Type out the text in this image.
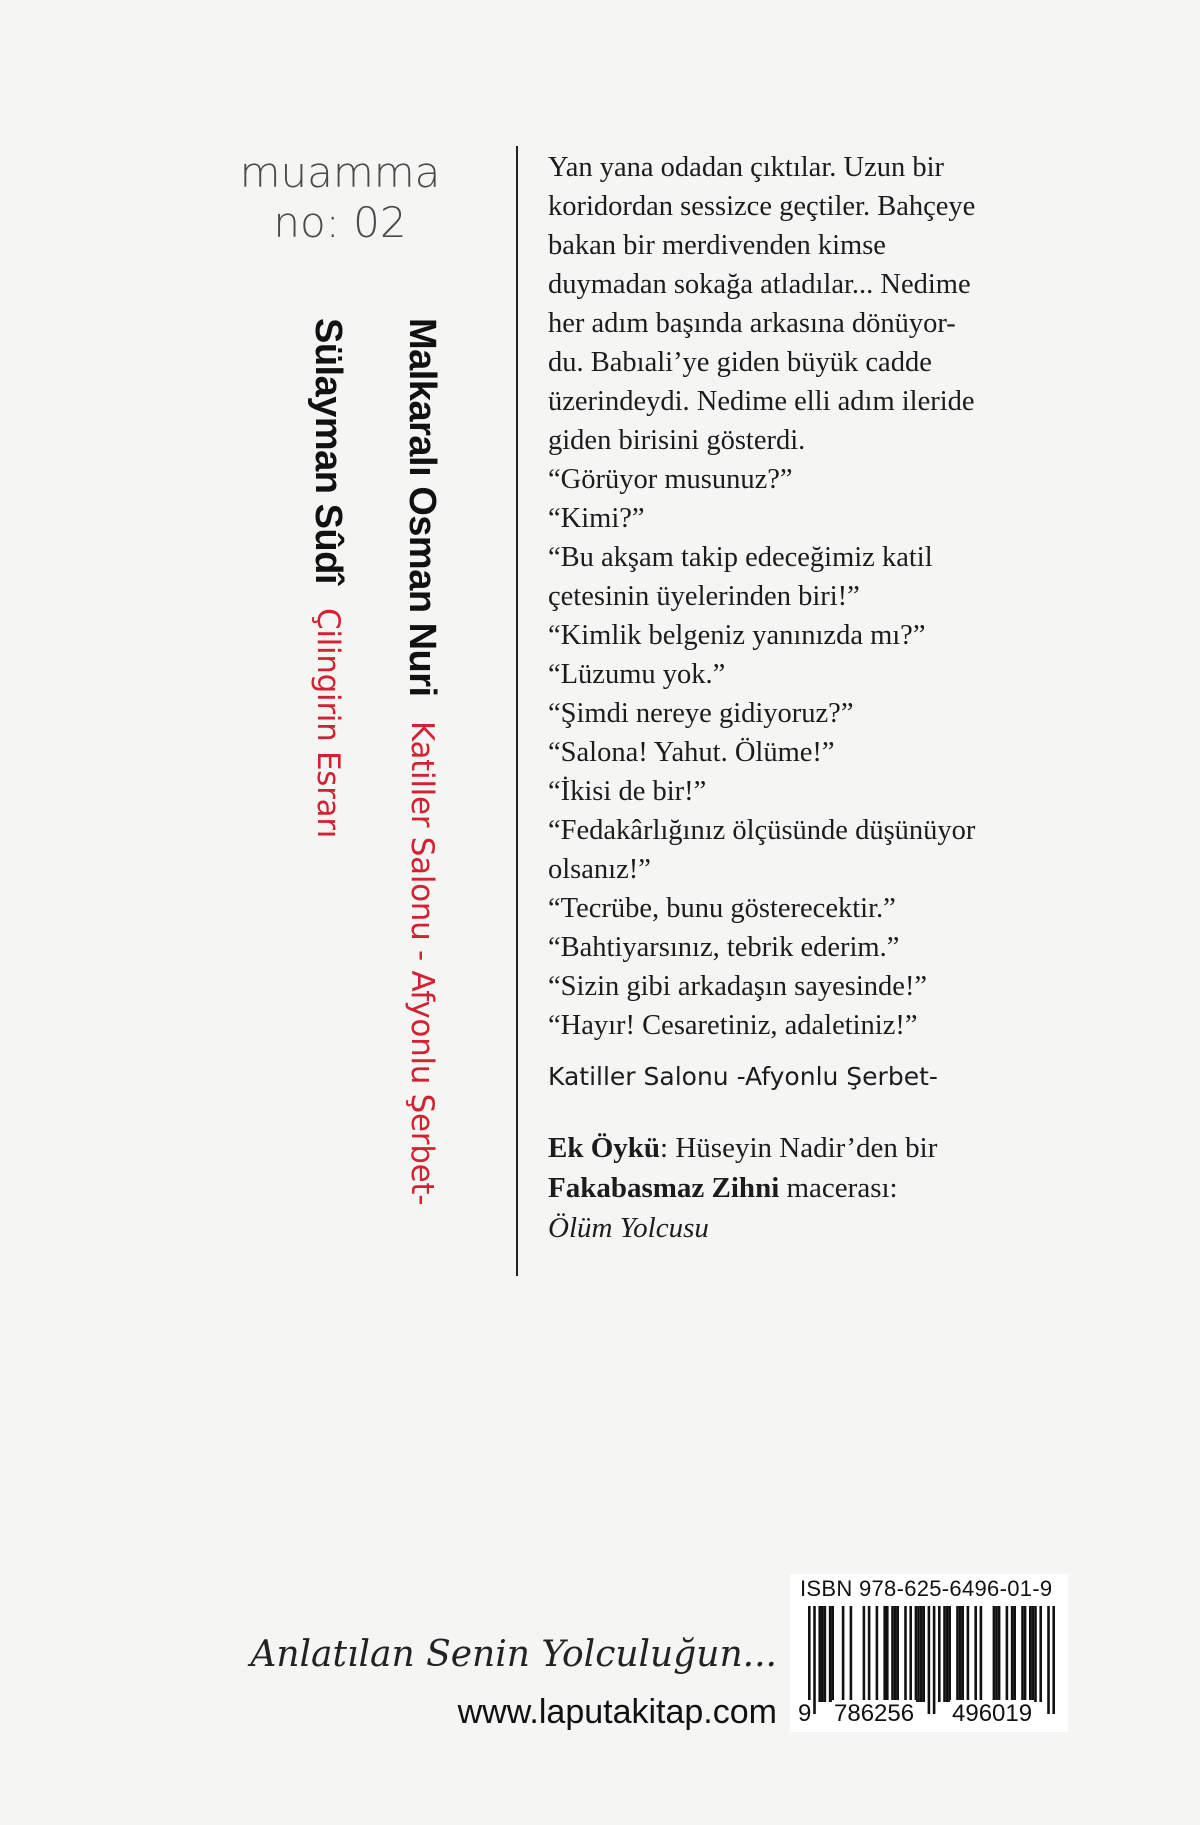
muamma
no: 02
Malkaralı Osman Nuri Katiller Salonu - Afyonlu Şerbet-
Sülayman Sûdî Çilingirin Esrarı

Yan yana odadan çıktılar. Uzun bir

koridordan sessizce geçtiler. Bahçeye

bakan bir merdivenden kimse

duymadan sokağa atladılar... Nedime

her adım başında arkasına dönüyor-

du. Babıali’ye giden büyük cadde

üzerindeydi. Nedime elli adım ileride

giden birisini gösterdi.

“Görüyor musunuz?”

“Kimi?”

“Bu akşam takip edeceğimiz katil

çetesinin üyelerinden biri!”

“Kimlik belgeniz yanınızda mı?”

“Lüzumu yok.”

“Şimdi nereye gidiyoruz?”

“Salona! Yahut. Ölüme!”

“İkisi de bir!”

“Fedakârlığınız ölçüsünde düşünüyor

olsanız!”

“Tecrübe, bunu gösterecektir.”

“Bahtiyarsınız, tebrik ederim.”

“Sizin gibi arkadaşın sayesinde!”

“Hayır! Cesaretiniz, adaletiniz!”

Katiller Salonu -Afyonlu Şerbet-
Ek Öykü: Hüseyin Nadir’den bir
Fakabasmaz Zihni macerası:
Ölüm Yolcusu
Anlatılan Senin Yolculuğun...
www.laputakitap.com
ISBN 978-625-6496-01-9
9 786256 496019
